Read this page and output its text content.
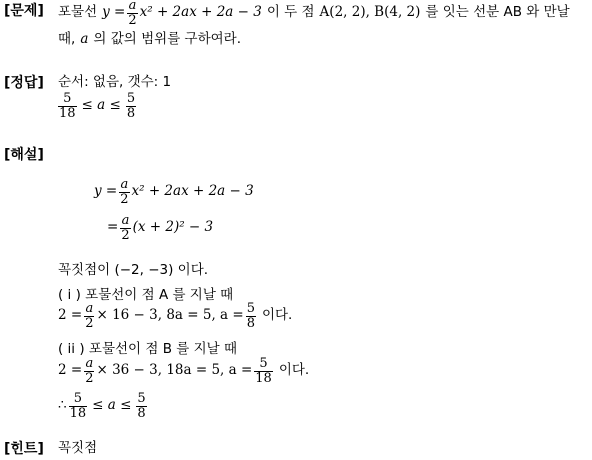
[문제] 포물선 $y = \frac{a}{2} x^2 + 2ax + 2a - 3$ 이 두 점 A(2, 2), B(4, 2) 를 잇는 선분 AB 와 만날
때, a 의 값의 범위를 구하여라.
[정답] 순서: 없음, 갯수: 1
$\frac{5}{18} \le a \le \frac{5}{8}$
[해설]
$y = \frac{a}{2} x^2 + 2ax + 2a - 3$
= $\frac{a}{2} (x + 2)^2 - 3$
꼭짓점이 (−2, −3) 이다.
( i ) 포물선이 점 A 를 지날 때
$2 = \frac{a}{2} \times 16 - 3$, 8a = 5, $a = \frac{5}{8}$ 이다.
( ii ) 포물선이 점 B 를 지날 때
$2 = \frac{a}{2} \times 36 - 3$, 18a = 5, $a = \frac{5}{18}$ 이다.
∴ $\frac{5}{18} \le a \le \frac{5}{8}$
[힌트] 꼭짓점
